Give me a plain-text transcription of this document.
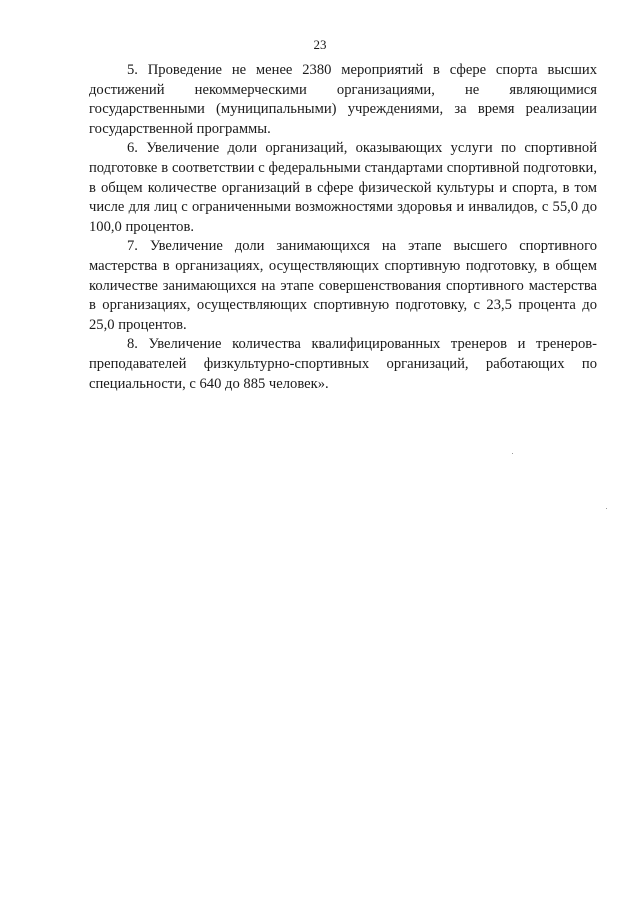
23

5. Проведение не менее 2380 мероприятий в сфере спорта высших достижений некоммерческими организациями, не являющимися государственными (муниципальными) учреждениями, за время реализации государственной программы.

6. Увеличение доли организаций, оказывающих услуги по спортивной подготовке в соответствии с федеральными стандартами спортивной подготовки, в общем количестве организаций в сфере физической культуры и спорта, в том числе для лиц с ограниченными возможностями здоровья и инвалидов, с 55,0 до 100,0 процентов.

7. Увеличение доли занимающихся на этапе высшего спортивного мастерства в организациях, осуществляющих спортивную подготовку, в общем количестве занимающихся на этапе совершенствования спортивного мастерства в организациях, осуществляющих спортивную подготовку, с 23,5 процента до 25,0 процентов.

8. Увеличение количества квалифицированных тренеров и тренеров-преподавателей физкультурно-спортивных организаций, работающих по специальности, с 640 до 885 человек».
